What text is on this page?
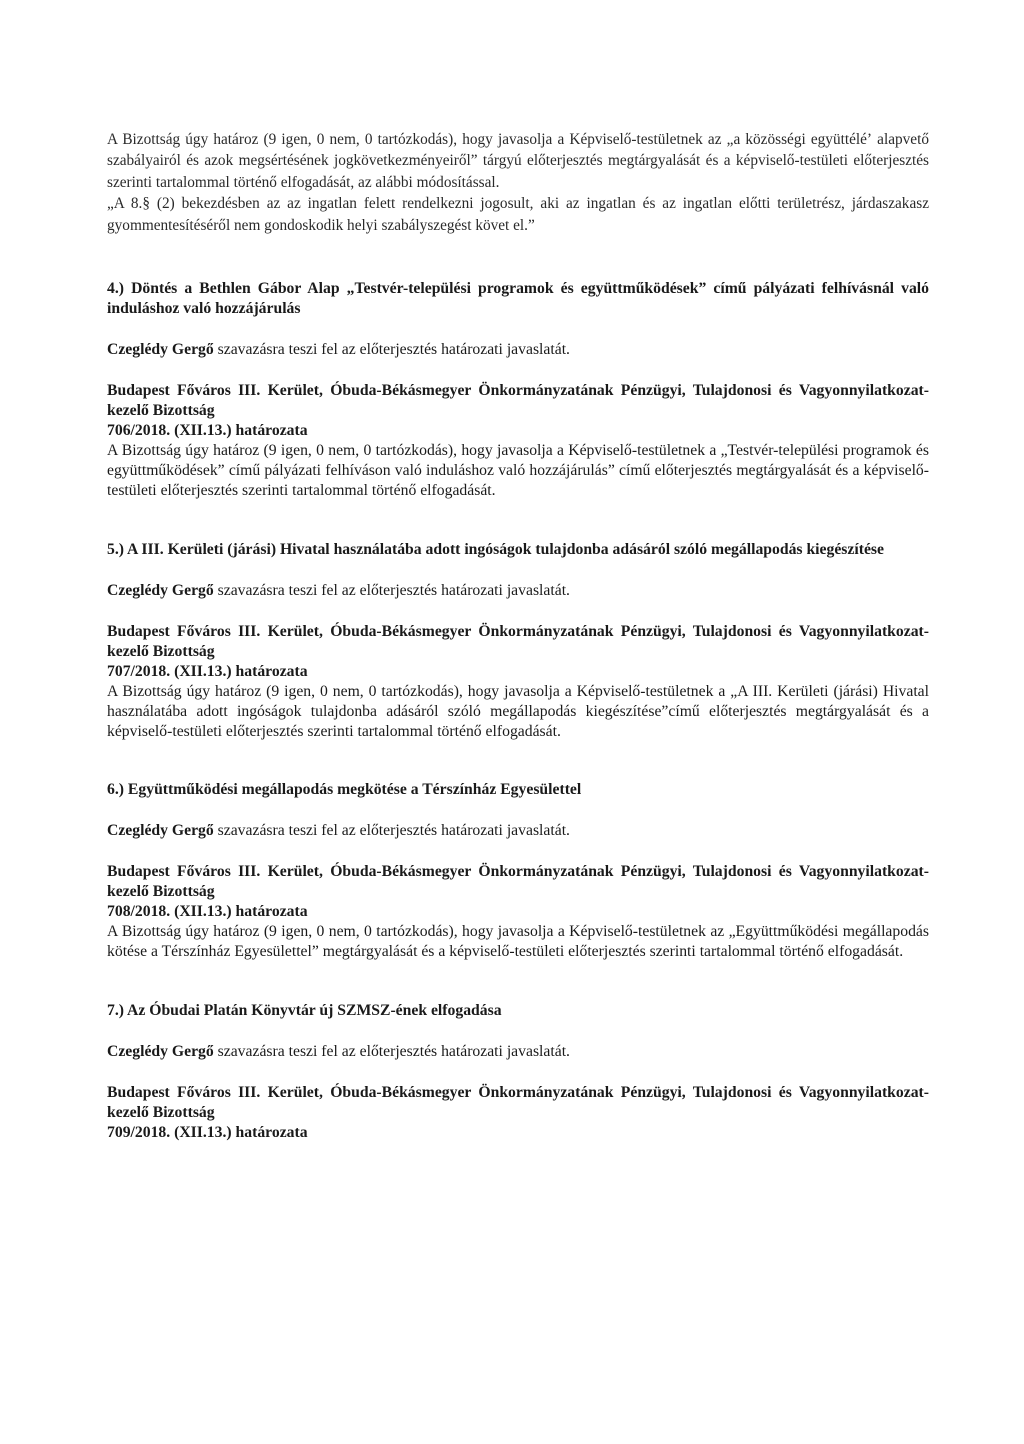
A Bizottság úgy határoz (9 igen, 0 nem, 0 tartózkodás), hogy javasolja a Képviselő-testületnek az „a közösségi együttéléʼ alapvető szabályairól és azok megsértésének jogkövetkezményeiről” tárgyú előterjesztés megtárgyalását és a képviselő-testületi előterjesztés szerinti tartalommal történő elfogadását, az alábbi módosítással.

„A 8.§ (2) bekezdésben az az ingatlan felett rendelkezni jogosult, aki az ingatlan és az ingatlan előtti területrész, járdaszakasz gyommentesítéséről nem gondoskodik helyi szabályszegést követ el.”

4.) Döntés a Bethlen Gábor Alap „Testvér-települési programok és együttműködések” című pályázati felhívásnál való induláshoz való hozzájárulás

Czeglédy Gergő szavazásra teszi fel az előterjesztés határozati javaslatát.

Budapest Főváros III. Kerület, Óbuda-Békásmegyer Önkormányzatának Pénzügyi, Tulajdonosi és Vagyonnyilatkozat-kezelő Bizottság

706/2018. (XII.13.) határozata

A Bizottság úgy határoz (9 igen, 0 nem, 0 tartózkodás), hogy javasolja a Képviselő-testületnek a „Testvér-települési programok és együttműködések” című pályázati felhíváson való induláshoz való hozzájárulás” című előterjesztés megtárgyalását és a képviselő-testületi előterjesztés szerinti tartalommal történő elfogadását.

5.) A III. Kerületi (járási) Hivatal használatába adott ingóságok tulajdonba adásáról szóló megállapodás kiegészítése

Czeglédy Gergő szavazásra teszi fel az előterjesztés határozati javaslatát.

Budapest Főváros III. Kerület, Óbuda-Békásmegyer Önkormányzatának Pénzügyi, Tulajdonosi és Vagyonnyilatkozat-kezelő Bizottság

707/2018. (XII.13.) határozata

A Bizottság úgy határoz (9 igen, 0 nem, 0 tartózkodás), hogy javasolja a Képviselő-testületnek a „A III. Kerületi (járási) Hivatal használatába adott ingóságok tulajdonba adásáról szóló megállapodás kiegészítése”című előterjesztés megtárgyalását és a képviselő-testületi előterjesztés szerinti tartalommal történő elfogadását.

6.) Együttműködési megállapodás megkötése a Térszínház Egyesülettel

Czeglédy Gergő szavazásra teszi fel az előterjesztés határozati javaslatát.

Budapest Főváros III. Kerület, Óbuda-Békásmegyer Önkormányzatának Pénzügyi, Tulajdonosi és Vagyonnyilatkozat-kezelő Bizottság

708/2018. (XII.13.) határozata

A Bizottság úgy határoz (9 igen, 0 nem, 0 tartózkodás), hogy javasolja a Képviselő-testületnek az „Együttműködési megállapodás kötése a Térszínház Egyesülettel” megtárgyalását és a képviselő-testületi előterjesztés szerinti tartalommal történő elfogadását.

7.) Az Óbudai Platán Könyvtár új SZMSZ-ének elfogadása

Czeglédy Gergő szavazásra teszi fel az előterjesztés határozati javaslatát.

Budapest Főváros III. Kerület, Óbuda-Békásmegyer Önkormányzatának Pénzügyi, Tulajdonosi és Vagyonnyilatkozat-kezelő Bizottság

709/2018. (XII.13.) határozata
